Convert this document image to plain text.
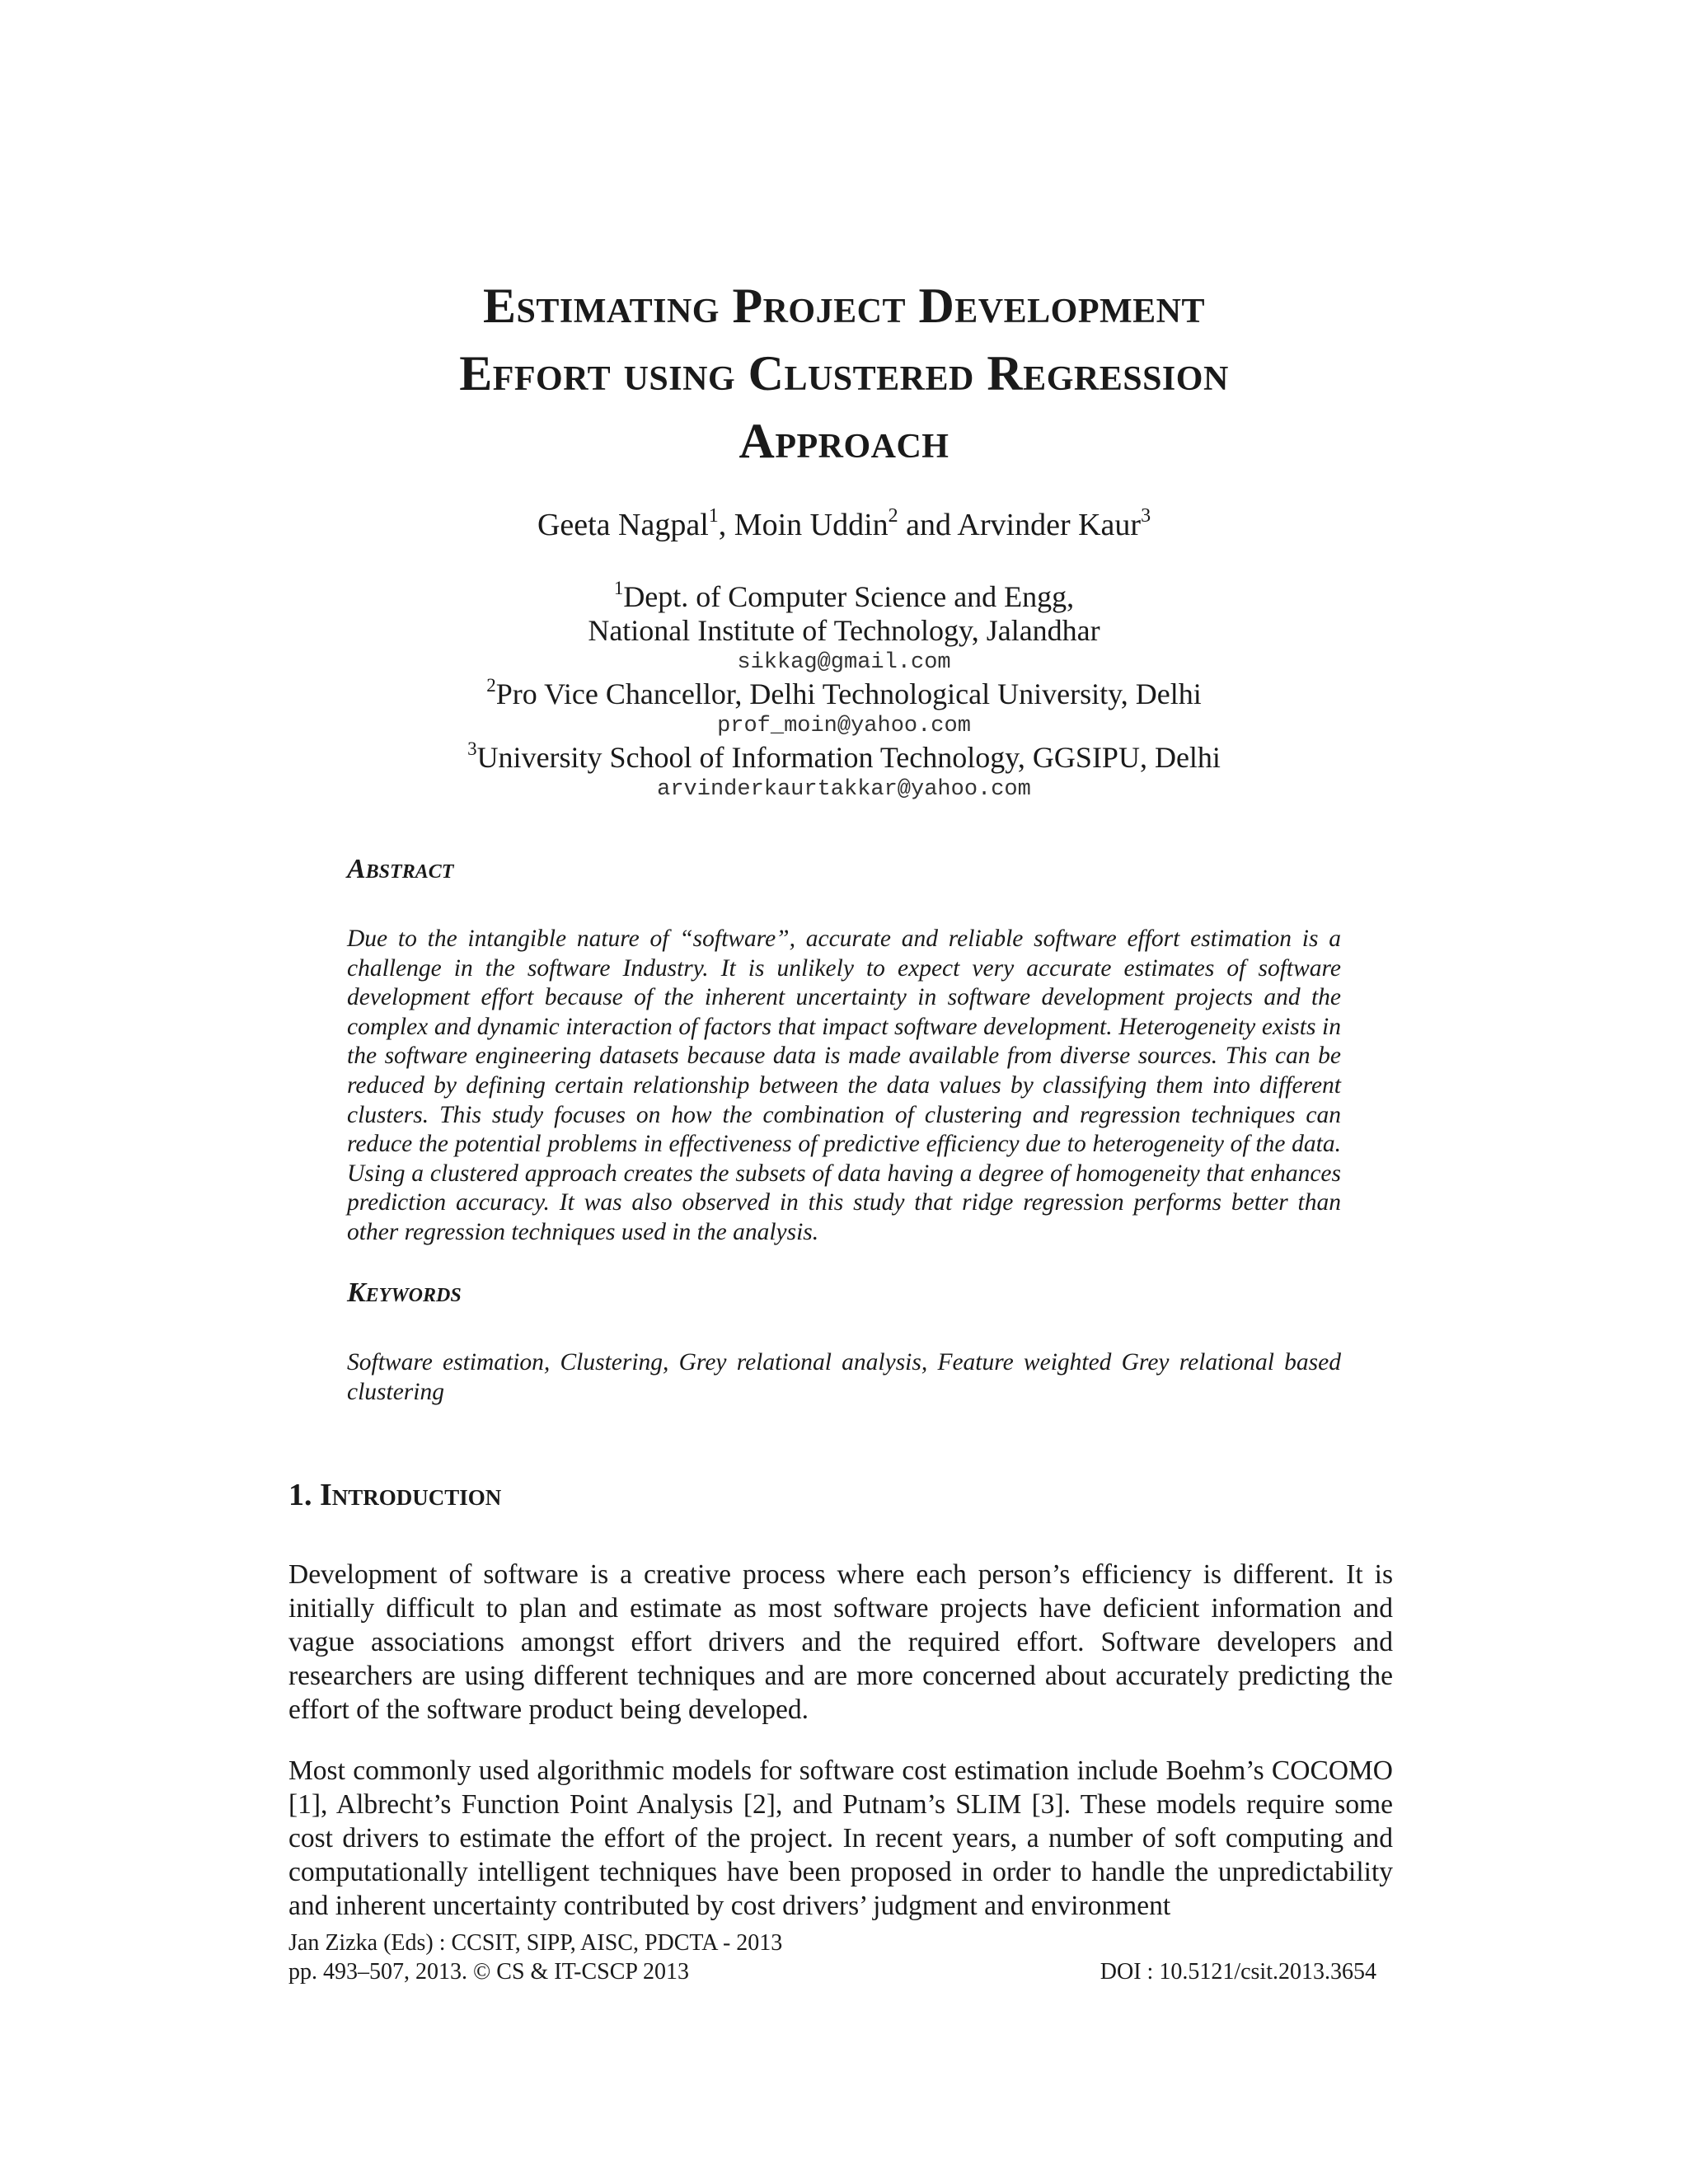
Estimating Project Development
Effort using Clustered Regression
Approach
Geeta Nagpal$^1$, Moin Uddin$^2$ and Arvinder Kaur$^3$
$^1$Dept. of Computer Science and Engg,
National Institute of Technology, Jalandhar
sikkag@gmail.com
$^2$Pro Vice Chancellor, Delhi Technological University, Delhi
prof_moin@yahoo.com
$^3$University School of Information Technology, GGSIPU, Delhi
arvinderkaurtakkar@yahoo.com
Abstract

Due to the intangible nature of “software”, accurate and reliable software effort estimation is a challenge in the software Industry. It is unlikely to expect very accurate estimates of software development effort because of the inherent uncertainty in software development projects and the complex and dynamic interaction of factors that impact software development. Heterogeneity exists in the software engineering datasets because data is made available from diverse sources. This can be reduced by defining certain relationship between the data values by classifying them into different clusters. This study focuses on how the combination of clustering and regression techniques can reduce the potential problems in effectiveness of predictive efficiency due to heterogeneity of the data. Using a clustered approach creates the subsets of data having a degree of homogeneity that enhances prediction accuracy. It was also observed in this study that ridge regression performs better than other regression techniques used in the analysis.

Keywords

Software estimation, Clustering, Grey relational analysis, Feature weighted Grey relational based clustering

1. Introduction

Development of software is a creative process where each person’s efficiency is different. It is initially difficult to plan and estimate as most software projects have deficient information and vague associations amongst effort drivers and the required effort. Software developers and researchers are using different techniques and are more concerned about accurately predicting the effort of the software product being developed.

Most commonly used algorithmic models for software cost estimation include Boehm’s COCOMO [1], Albrecht’s Function Point Analysis [2], and Putnam’s SLIM [3]. These models require some cost drivers to estimate the effort of the project. In recent years, a number of soft computing and computationally intelligent techniques have been proposed in order to handle the unpredictability and inherent uncertainty contributed by cost drivers’ judgment and environment

Jan Zizka (Eds) : CCSIT, SIPP, AISC, PDCTA - 2013
pp. 493–507, 2013. © CS & IT-CSCP 2013	DOI : 10.5121/csit.2013.3654
